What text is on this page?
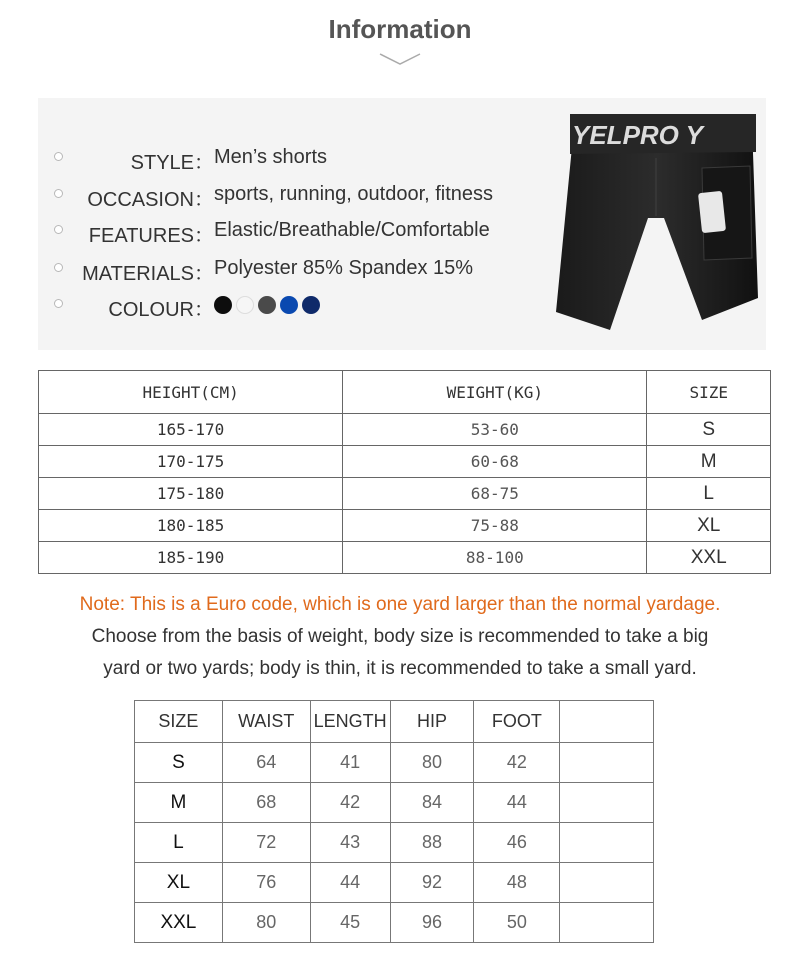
Information
STYLE： Men’s shorts
OCCASION： sports, running, outdoor, fitness
FEATURES： Elastic/Breathable/Comfortable
MATERIALS： Polyester 85% Spandex 15%
COLOUR：
YELPRO Y
HEIGHT(CM)	WEIGHT(KG)	SIZE
165-170	53-60	S
170-175	60-68	M
175-180	68-75	L
180-185	75-88	XL
185-190	88-100	XXL
Note: This is a Euro code, which is one yard larger than the normal yardage.
Choose from the basis of weight, body size is recommended to take a big
yard or two yards; body is thin, it is recommended to take a small yard.
SIZE	WAIST	LENGTH	HIP	FOOT	
S	64	41	80	42	
M	68	42	84	44	
L	72	43	88	46	
XL	76	44	92	48	
XXL	80	45	96	50	
